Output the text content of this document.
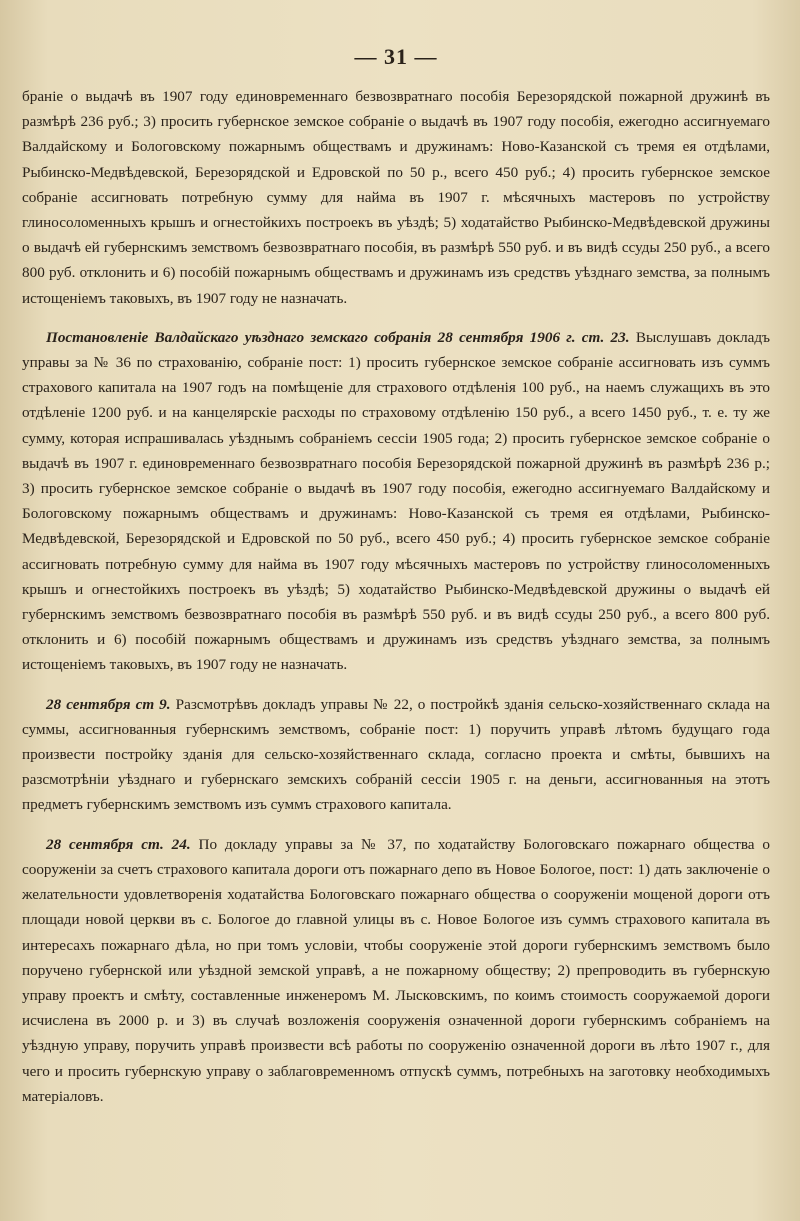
— 31 —

браніе о выдачѣ въ 1907 году единовременнаго безвозвратнаго пособія Березорядской пожарной дружинѣ въ размѣрѣ 236 руб.; 3) просить губернское земское собраніе о выдачѣ въ 1907 году пособія, ежегодно ассигнуемаго Валдайскому и Бологовскому пожарнымъ обществамъ и дружинамъ: Ново-Казанской съ тремя ея отдѣлами, Рыбинско-Медвѣдевской, Березорядской и Едровской по 50 р., всего 450 руб.; 4) просить губернское земское собраніе ассигновать потребную сумму для найма въ 1907 г. мѣсячныхъ мастеровъ по устройству глиносоломенныхъ крышъ и огнестойкихъ построекъ въ уѣздѣ; 5) ходатайство Рыбинско-Медвѣдевской дружины о выдачѣ ей губернскимъ земствомъ безвозвратнаго пособія, въ размѣрѣ 550 руб. и въ видѣ ссуды 250 руб., а всего 800 руб. отклонить и 6) пособій пожарнымъ обществамъ и дружинамъ изъ средствъ уѣзднаго земства, за полнымъ истощеніемъ таковыхъ, въ 1907 году не назначать.

Постановленіе Валдайскаго уѣзднаго земскаго собранія 28 сентября 1906 г. ст. 23. Выслушавъ докладъ управы за № 36 по страхованію, собраніе пост: 1) просить губернское земское собраніе ассигновать изъ суммъ страхового капитала на 1907 годъ на помѣщеніе для страхового отдѣленія 100 руб., на наемъ служащихъ въ это отдѣленіе 1200 руб. и на канцелярскіе расходы по страховому отдѣленію 150 руб., а всего 1450 руб., т. е. ту же сумму, которая испрашивалась уѣзднымъ собраніемъ сессіи 1905 года; 2) просить губернское земское собраніе о выдачѣ въ 1907 г. единовременнаго безвозвратнаго пособія Березорядской пожарной дружинѣ въ размѣрѣ 236 р.; 3) просить губернское земское собраніе о выдачѣ въ 1907 году пособія, ежегодно ассигнуемаго Валдайскому и Бологовскому пожарнымъ обществамъ и дружинамъ: Ново-Казанской съ тремя ея отдѣлами, Рыбинско-Медвѣдевской, Березорядской и Едровской по 50 руб., всего 450 руб.; 4) просить губернское земское собраніе ассигновать потребную сумму для найма въ 1907 году мѣсячныхъ мастеровъ по устройству глиносоломенныхъ крышъ и огнестойкихъ построекъ въ уѣздѣ; 5) ходатайство Рыбинско-Медвѣдевской дружины о выдачѣ ей губернскимъ земствомъ безвозвратнаго пособія въ размѣрѣ 550 руб. и въ видѣ ссуды 250 руб., а всего 800 руб. отклонить и 6) пособій пожарнымъ обществамъ и дружинамъ изъ средствъ уѣзднаго земства, за полнымъ истощеніемъ таковыхъ, въ 1907 году не назначать.

28 сентября ст 9. Разсмотрѣвъ докладъ управы № 22, о постройкѣ зданія сельско-хозяйственнаго склада на суммы, ассигнованныя губернскимъ земствомъ, собраніе пост: 1) поручить управѣ лѣтомъ будущаго года произвести постройку зданія для сельско-хозяйственнаго склада, согласно проекта и смѣты, бывшихъ на разсмотрѣніи уѣзднаго и губернскаго земскихъ собраній сессіи 1905 г. на деньги, ассигнованныя на этотъ предметъ губернскимъ земствомъ изъ суммъ страхового капитала.

28 сентября ст. 24. По докладу управы за № 37, по ходатайству Бологовскаго пожарнаго общества о сооруженіи за счетъ страхового капитала дороги отъ пожарнаго депо въ Новое Бологое, пост: 1) дать заключеніе о желательности удовлетворенія ходатайства Бологовскаго пожарнаго общества о сооруженіи мощеной дороги отъ площади новой церкви въ с. Бологое до главной улицы въ с. Новое Бологое изъ суммъ страхового капитала въ интересахъ пожарнаго дѣла, но при томъ условіи, чтобы сооруженіе этой дороги губернскимъ земствомъ было поручено губернской или уѣздной земской управѣ, а не пожарному обществу; 2) препроводить въ губернскую управу проектъ и смѣту, составленные инженеромъ М. Лысковскимъ, по коимъ стоимость сооружаемой дороги исчислена въ 2000 р. и 3) въ случаѣ возложенія сооруженія означенной дороги губернскимъ собраніемъ на уѣздную управу, поручить управѣ произвести всѣ работы по сооруженію означенной дороги въ лѣто 1907 г., для чего и просить губернскую управу о заблаговременномъ отпускѣ суммъ, потребныхъ на заготовку необходимыхъ матеріаловъ.
